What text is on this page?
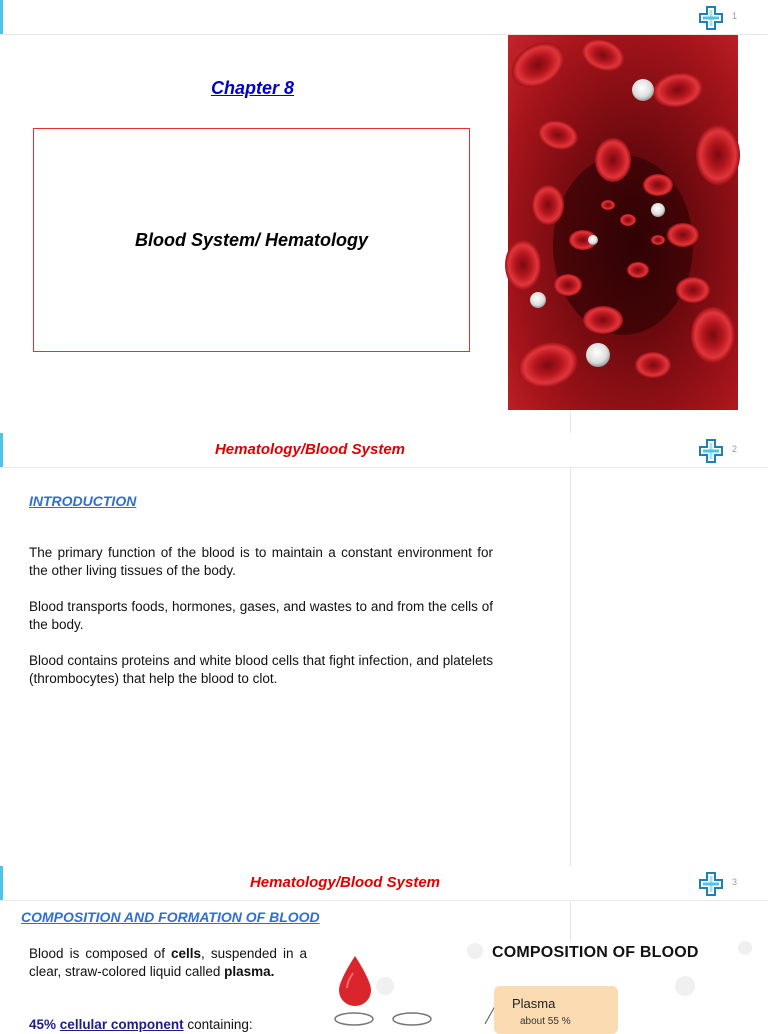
1
Chapter 8
Blood System/ Hematology
Hematology/Blood System	2
INTRODUCTION
The primary function of the blood is to maintain a constant environment for the other living tissues of the body.
Blood transports foods, hormones, gases, and wastes to and from the cells of the body.
Blood contains proteins and white blood cells that fight infection, and platelets (thrombocytes) that help the blood to clot.
Hematology/Blood System	3
COMPOSITION AND FORMATION OF BLOOD
Blood is composed of cells, suspended in a clear, straw-colored liquid called plasma.
45% cellular component containing:
COMPOSITION OF BLOOD
Plasma
about 55 %
